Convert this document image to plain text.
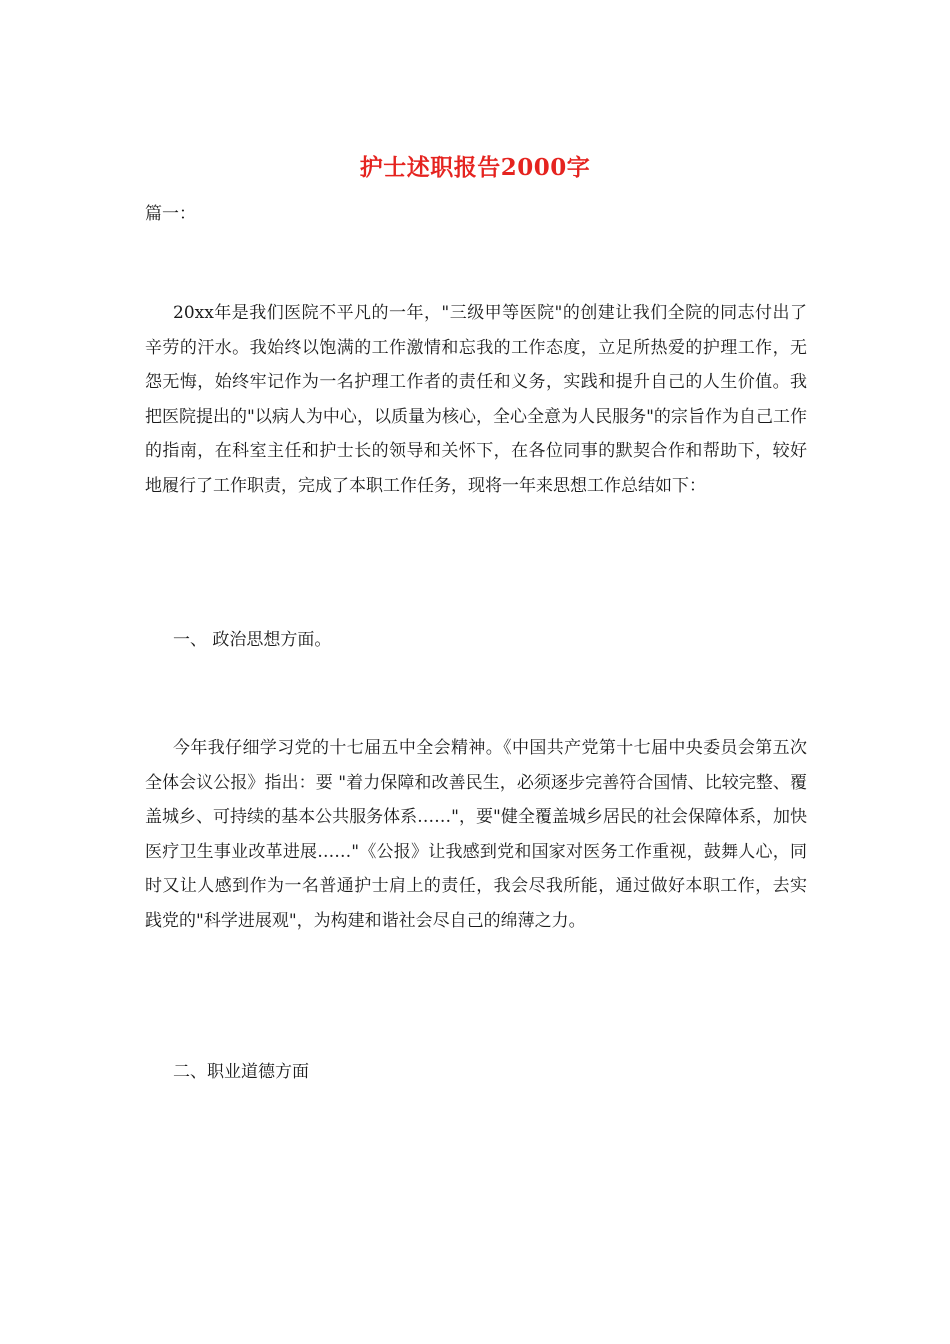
护士述职报告2000字
篇一：

20xx年是我们医院不平凡的一年，"三级甲等医院"的创建让我们全院的同志付出了辛劳的汗水。我始终以饱满的工作激情和忘我的工作态度，立足所热爱的护理工作，无怨无悔，始终牢记作为一名护理工作者的责任和义务，实践和提升自己的人生价值。我把医院提出的"以病人为中心，以质量为核心，全心全意为人民服务"的宗旨作为自己工作的指南，在科室主任和护士长的领导和关怀下，在各位同事的默契合作和帮助下，较好地履行了工作职责，完成了本职工作任务，现将一年来思想工作总结如下：

一、 政治思想方面。

今年我仔细学习党的十七届五中全会精神。《中国共产党第十七届中央委员会第五次全体会议公报》指出：要 "着力保障和改善民生，必须逐步完善符合国情、比较完整、覆盖城乡、可持续的基本公共服务体系……"，要"健全覆盖城乡居民的社会保障体系，加快医疗卫生事业改革进展……"《公报》让我感到党和国家对医务工作重视，鼓舞人心，同时又让人感到作为一名普通护士肩上的责任，我会尽我所能，通过做好本职工作，去实践党的"科学进展观"，为构建和谐社会尽自己的绵薄之力。

二、职业道德方面
